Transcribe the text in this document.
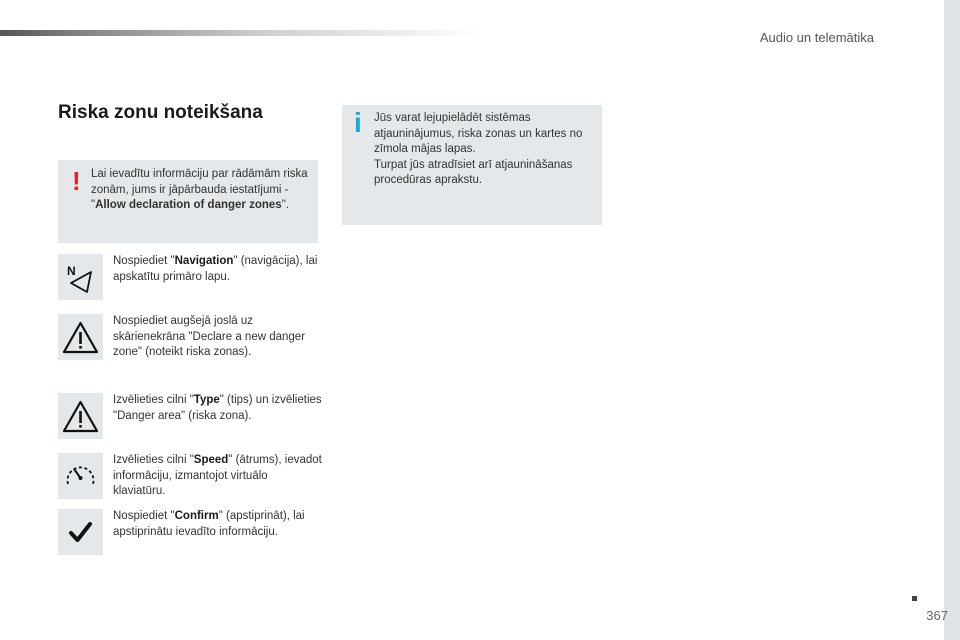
Audio un telemātika
Riska zonu noteikšana
! Lai ievadītu informāciju par rādāmām riska zonām, jums ir jāpārbauda iestatījumi - "Allow declaration of danger zones".
i Jūs varat lejupielādēt sistēmas atjauninājumus, riska zonas un kartes no zīmola mājas lapas.
Turpat jūs atradīsiet arī atjaunināšanas procedūras aprakstu.
N
Nospiediet "Navigation" (navigācija), lai apskatītu primāro lapu.
Nospiediet augšejā joslā uz skārienekrāna "Declare a new danger zone" (noteikt riska zonas).
Izvēlieties cilni "Type" (tips) un izvēlieties "Danger area" (riska zona).
Izvēlieties cilni "Speed" (ātrums), ievadot informāciju, izmantojot virtuālo klaviatūru.
Nospiediet "Confirm" (apstiprināt), lai apstiprinātu ievadīto informāciju.
367
